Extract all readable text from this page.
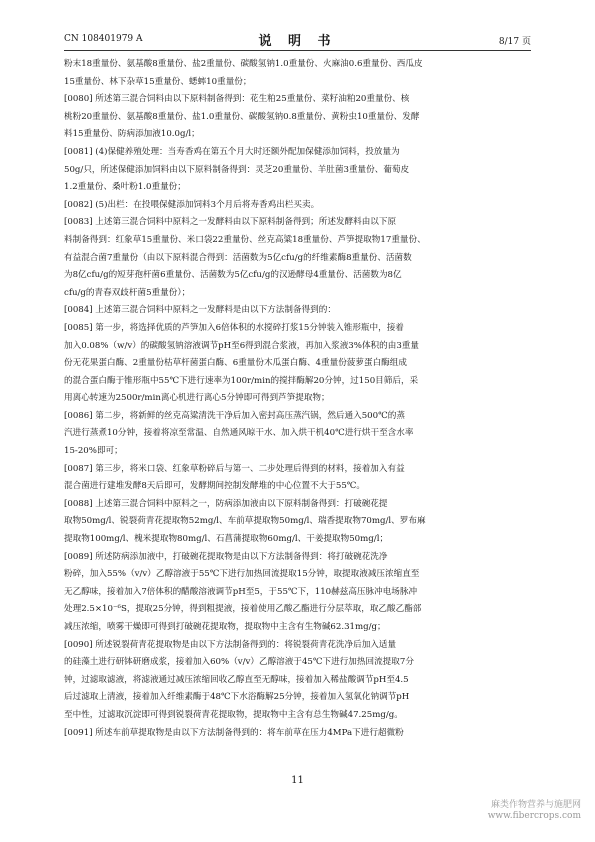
CN 108401979 A	说 明 书	8/17 页
粉末18重量份、氨基酸8重量份、盐2重量份、碳酸氢钠1.0重量份、火麻油0.6重量份、西瓜皮
15重量份、林下杂草15重量份、蟋蟀10重量份；
[0080] 所述第三混合饲料由以下原料制备得到：花生粕25重量份、菜籽油粕20重量份、核
桃粉20重量份、氨基酸8重量份、盐1.0重量份、碳酸氢钠0.8重量份、黄粉虫10重量份、发酵
料15重量份、防病添加液10.0g/l；
[0081] (4)保健养殖处理：当寿香鸡在第五个月大时还额外配加保健添加饲料，投放量为
50g/只，所述保健添加饲料由以下原料制备得到：灵芝20重量份、羊肚菌3重量份、葡萄皮
1.2重量份、桑叶粉1.0重量份；
[0082] (5)出栏：在投喂保健添加饲料3个月后将寿香鸡出栏买卖。
[0083] 上述第三混合饲料中原料之一发酵料由以下原料制备得到；所述发酵料由以下原
料制备得到：红象草15重量份、米口袋22重量份、丝克高粱18重量份、芦笋提取物17重量份、
有益混合菌7重量份（由以下原料混合得到：活菌数为5亿cfu/g的纤维素酶8重量份、活菌数
为8亿cfu/g的短芽孢杆菌6重量份、活菌数为5亿cfu/g的汉逊酵母4重量份、活菌数为8亿
cfu/g的青春双歧杆菌5重量份）；
[0084] 上述第三混合饲料中原料之一发酵料是由以下方法制备得到的：
[0085] 第一步，将选择优质的芦笋加入6倍体积的水搅碎打浆15分钟装入锥形瓶中，接着
加入0.08%（w/v）的碳酸氢钠溶液调节pH至6得到混合浆液，再加入浆液3%体积的由3重量
份无花果蛋白酶、2重量份枯草杆菌蛋白酶、6重量份木瓜蛋白酶、4重量份菠萝蛋白酶组成
的混合蛋白酶于锥形瓶中55℃下进行速率为100r/min的搅拌酶解20分钟，过150目筛后，采
用离心转速为2500r/min离心机进行离心5分钟即可得到芦笋提取物；
[0086] 第二步，将新鲜的丝克高粱清洗干净后加入密封高压蒸汽锅，然后通入500℃的蒸
汽进行蒸煮10分钟，接着将凉至常温、自然通风晾干水、加入烘干机40℃进行烘干至含水率
15-20%即可；
[0087] 第三步，将米口袋、红象草粉碎后与第一、二步处理后得到的材料，接着加入有益
混合菌进行建堆发酵8天后即可，发酵期间控制发酵堆的中心位置不大于55℃。
[0088] 上述第三混合饲料中原料之一，防病添加液由以下原料制备得到：打破碗花提
取物50mg/l、锐裂荷青花提取物52mg/l、车前草提取物50mg/l、瑞香提取物70mg/l、罗布麻
提取物100mg/l、槐米提取物80mg/l、石菖蒲提取物60mg/l、干姜提取物50mg/l；
[0089] 所述防病添加液中，打破碗花提取物是由以下方法制备得到：将打破碗花洗净
粉碎，加入55%（v/v）乙醇溶液于55℃下进行加热回流提取15分钟，取提取液减压浓缩直至
无乙醇味，接着加入7倍体积的醋酸溶液调节pH至5，于55℃下，110赫兹高压脉冲电场脉冲
处理2.5×10⁻⁶S，提取25分钟，得到粗提液，接着使用乙酸乙酯进行分层萃取，取乙酸乙酯部
减压浓缩，喷雾干燥即可得到打破碗花提取物，提取物中主含有生物碱62.31mg/g；
[0090] 所述锐裂荷青花提取物是由以下方法制备得到的：将锐裂荷青花洗净后加入适量
的硅藻土进行研钵研磨成浆，接着加入60%（v/v）乙醇溶液于45℃下进行加热回流提取7分
钟，过滤取滤液，将滤液通过减压浓缩回收乙醇直至无醇味，接着加入稀盐酸调节pH至4.5
后过滤取上清液，接着加入纤维素酶于48℃下水浴酶解25分钟，接着加入氢氧化钠调节pH
至中性，过滤取沉淀即可得到锐裂荷青花提取物，提取物中主含有总生物碱47.25mg/g。
[0091] 所述车前草提取物是由以下方法制备得到的：将车前草在压力4MPa下进行超微粉
11
麻类作物营养与施肥网
www.fibercrops.com
